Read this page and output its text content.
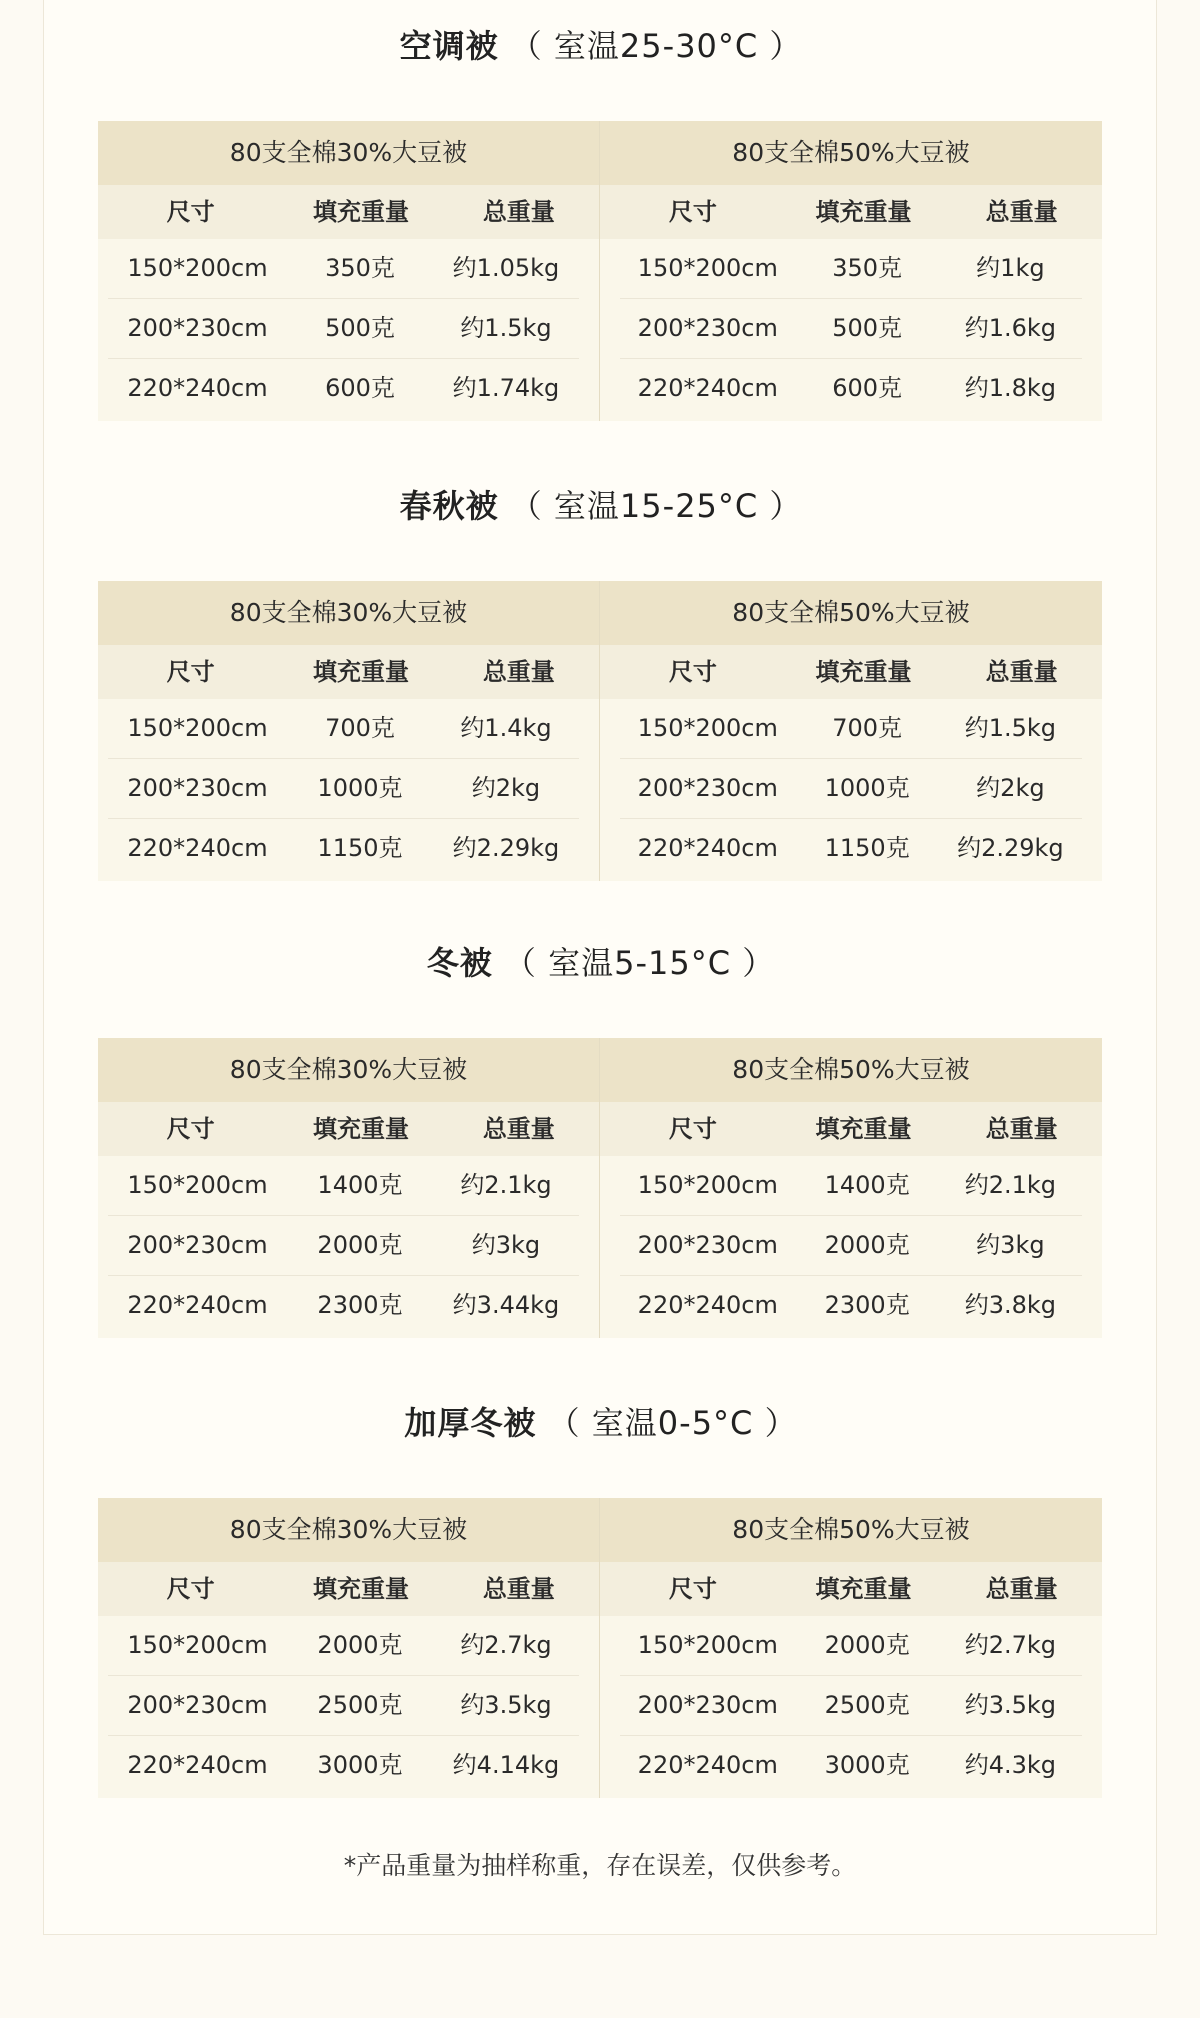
空调被 （ 室温25-30°C ）
80支全棉30%大豆被
尺寸	填充重量	总重量
150*200cm	350克	约1.05kg
200*230cm	500克	约1.5kg
220*240cm	600克	约1.74kg
80支全棉50%大豆被
尺寸	填充重量	总重量
150*200cm	350克	约1kg
200*230cm	500克	约1.6kg
220*240cm	600克	约1.8kg
春秋被 （ 室温15-25°C ）
80支全棉30%大豆被
尺寸	填充重量	总重量
150*200cm	700克	约1.4kg
200*230cm	1000克	约2kg
220*240cm	1150克	约2.29kg
80支全棉50%大豆被
尺寸	填充重量	总重量
150*200cm	700克	约1.5kg
200*230cm	1000克	约2kg
220*240cm	1150克	约2.29kg
冬被 （ 室温5-15°C ）
80支全棉30%大豆被
尺寸	填充重量	总重量
150*200cm	1400克	约2.1kg
200*230cm	2000克	约3kg
220*240cm	2300克	约3.44kg
80支全棉50%大豆被
尺寸	填充重量	总重量
150*200cm	1400克	约2.1kg
200*230cm	2000克	约3kg
220*240cm	2300克	约3.8kg
加厚冬被 （ 室温0-5°C ）
80支全棉30%大豆被
尺寸	填充重量	总重量
150*200cm	2000克	约2.7kg
200*230cm	2500克	约3.5kg
220*240cm	3000克	约4.14kg
80支全棉50%大豆被
尺寸	填充重量	总重量
150*200cm	2000克	约2.7kg
200*230cm	2500克	约3.5kg
220*240cm	3000克	约4.3kg
*产品重量为抽样称重，存在误差，仅供参考。
